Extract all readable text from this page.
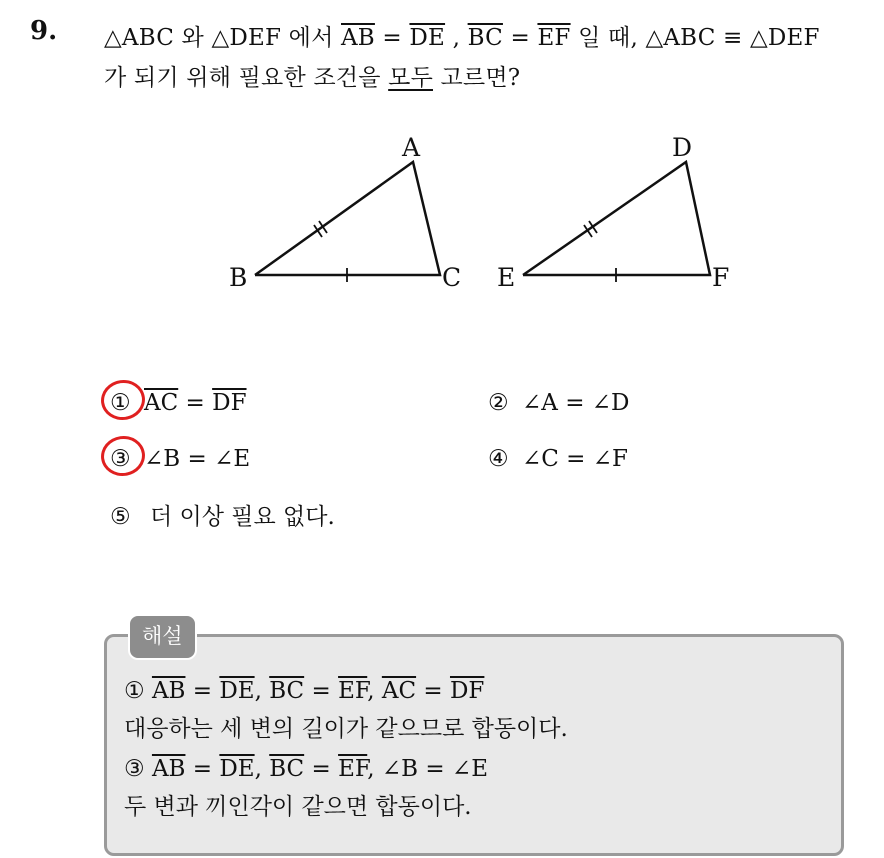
9. △ABC 와 △DEF 에서 $\overline{AB} = \overline{DE}$ , $\overline{BC} = \overline{EF}$ 일 때, △ABC ≡ △DEF
가 되기 위해 필요한 조건을 모두 고르면?
A
B	C
D
E	F
① $\overline{AC} = \overline{DF}$	② ∠A = ∠D
③ ∠B = ∠E	④ ∠C = ∠F
⑤ 더 이상 필요 없다.
해설
① $\overline{AB} = \overline{DE}$, $\overline{BC} = \overline{EF}$, $\overline{AC} = \overline{DF}$
대응하는 세 변의 길이가 같으므로 합동이다.
③ $\overline{AB} = \overline{DE}$, $\overline{BC} = \overline{EF}$, ∠B = ∠E
두 변과 끼인각이 같으면 합동이다.
